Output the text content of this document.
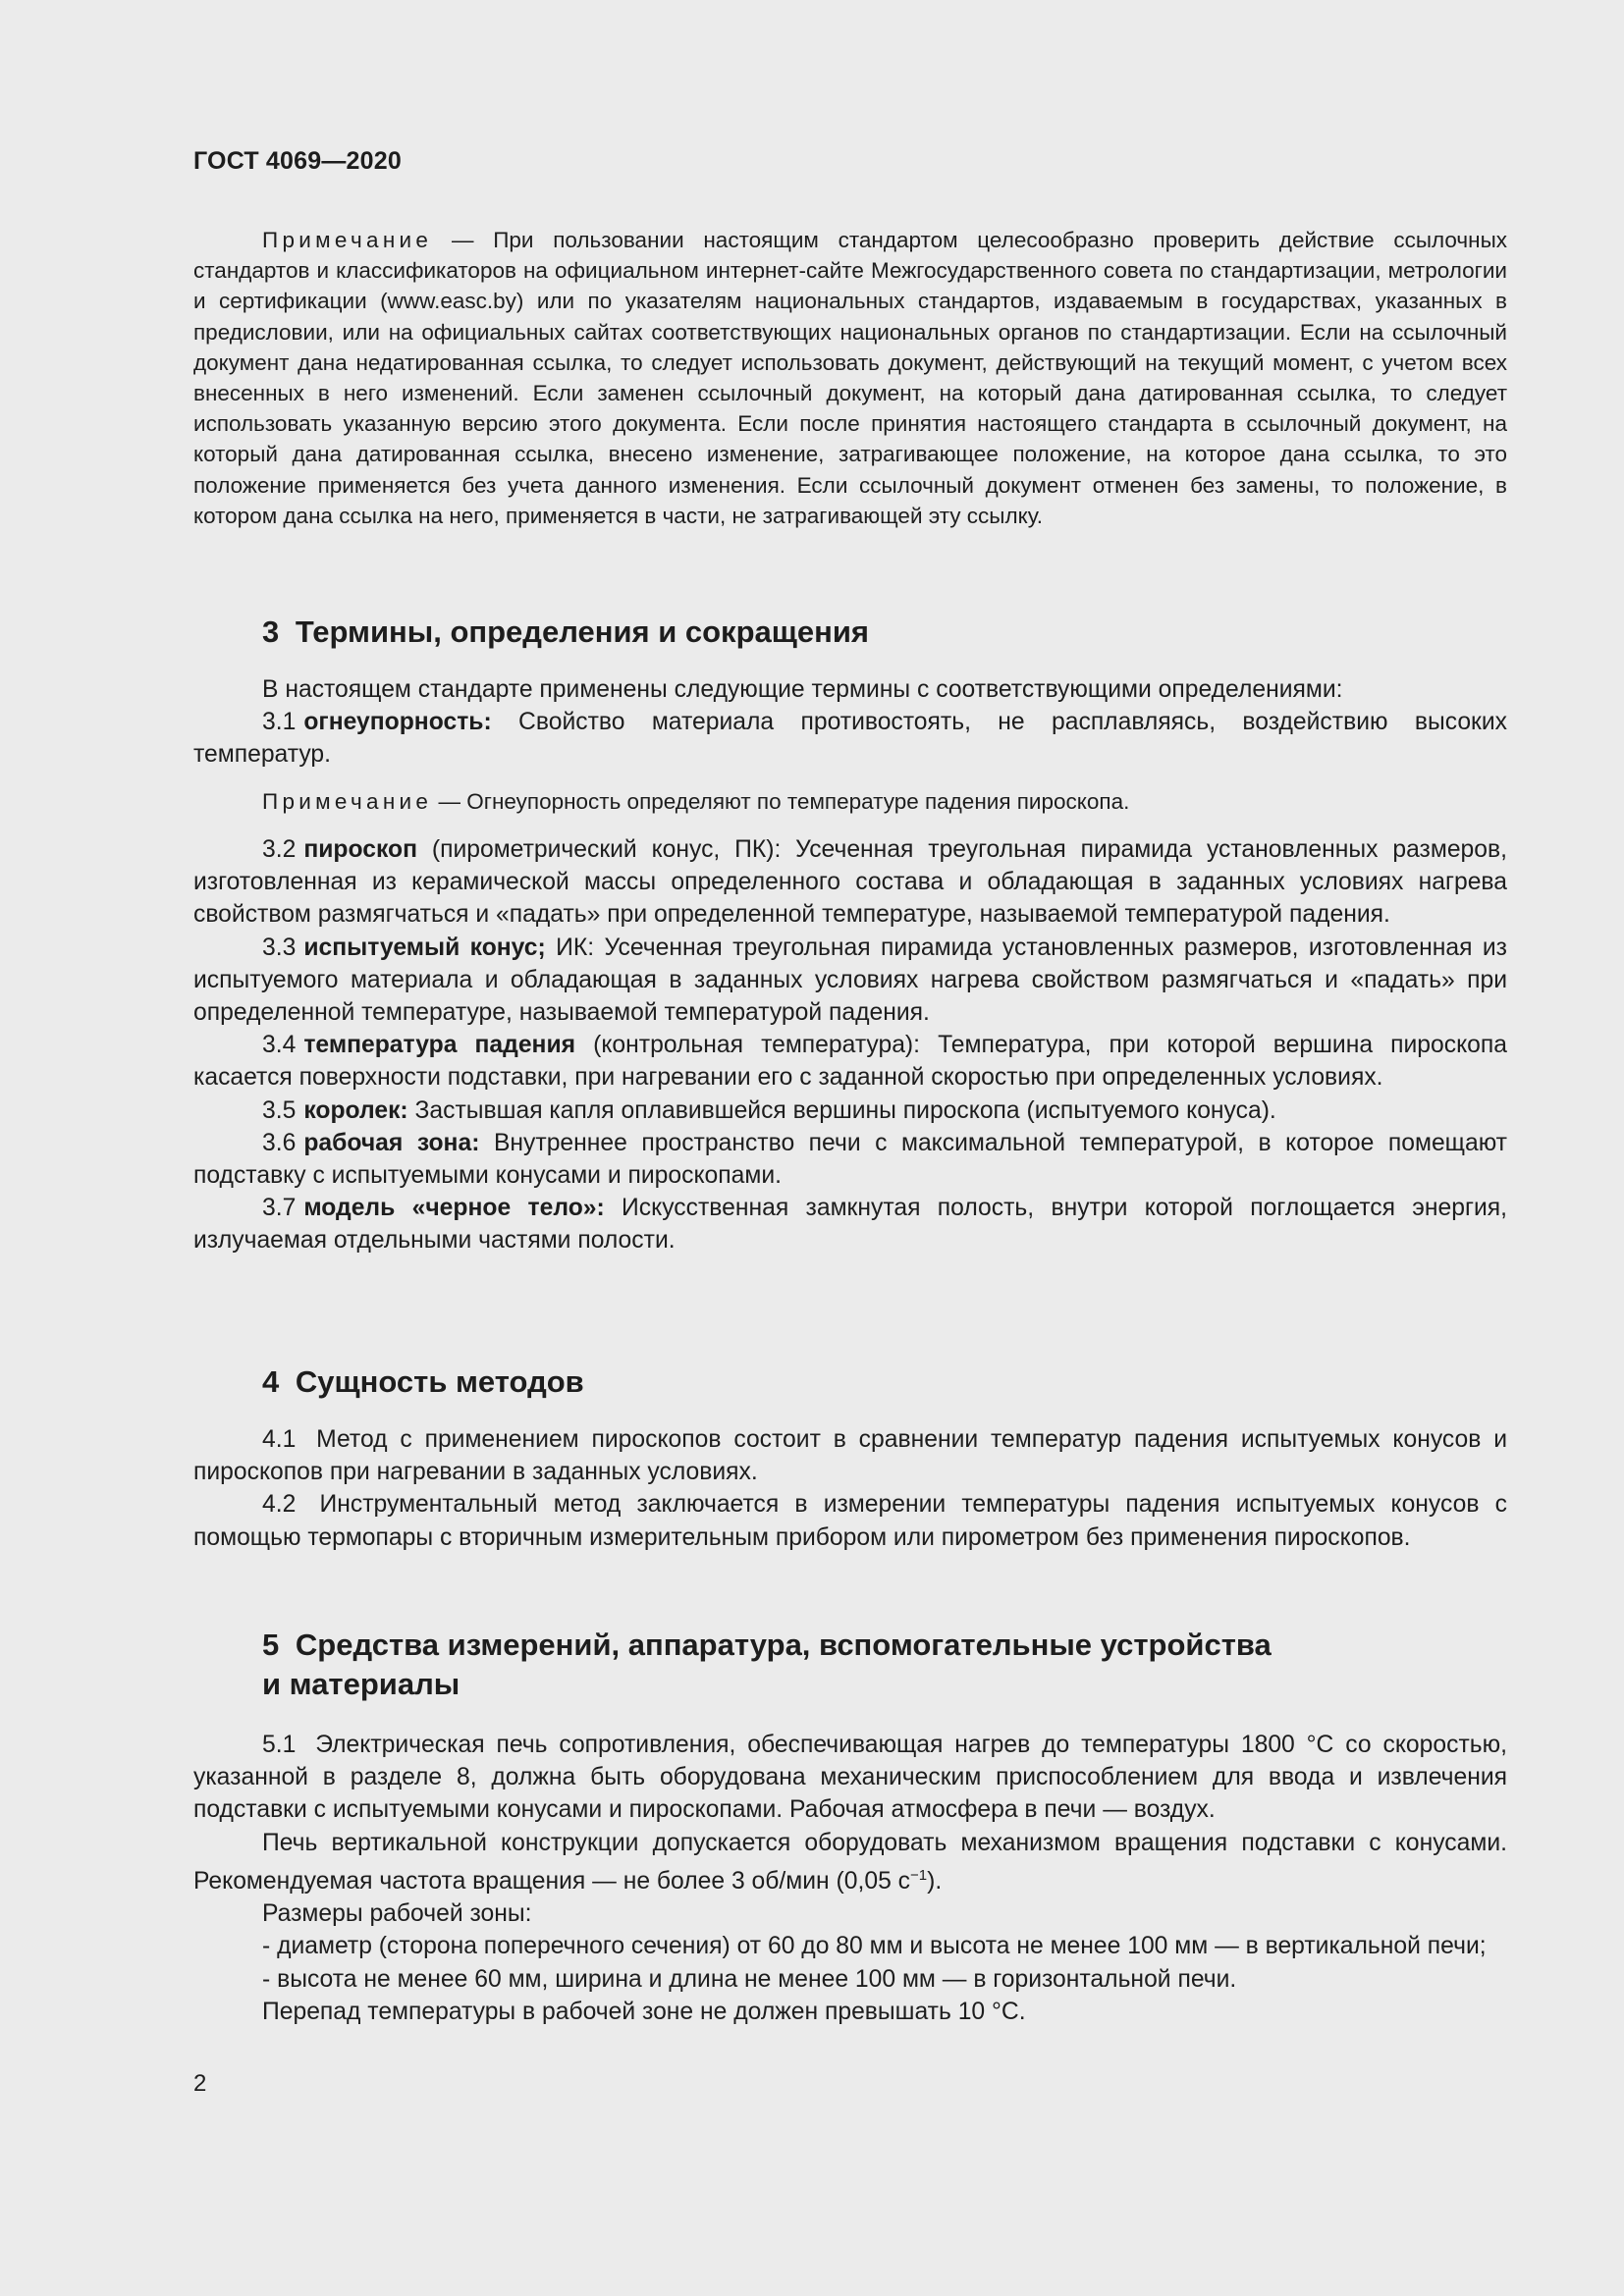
ГОСТ 4069—2020

Примечание — При пользовании настоящим стандартом целесообразно проверить действие ссылочных стандартов и классификаторов на официальном интернет-сайте Межгосударственного совета по стандартизации, метрологии и сертификации (www.easc.by) или по указателям национальных стандартов, издаваемым в государствах, указанных в предисловии, или на официальных сайтах соответствующих национальных органов по стандартизации. Если на ссылочный документ дана недатированная ссылка, то следует использовать документ, действующий на текущий момент, с учетом всех внесенных в него изменений. Если заменен ссылочный документ, на который дана датированная ссылка, то следует использовать указанную версию этого документа. Если после принятия настоящего стандарта в ссылочный документ, на который дана датированная ссылка, внесено изменение, затрагивающее положение, на которое дана ссылка, то это положение применяется без учета данного изменения. Если ссылочный документ отменен без замены, то положение, в котором дана ссылка на него, применяется в части, не затрагивающей эту ссылку.

3 Термины, определения и сокращения

В настоящем стандарте применены следующие термины с соответствующими определениями:

3.1 огнеупорность: Свойство материала противостоять, не расплавляясь, воздействию высоких температур.

Примечание — Огнеупорность определяют по температуре падения пироскопа.

3.2 пироскоп (пирометрический конус, ПК): Усеченная треугольная пирамида установленных размеров, изготовленная из керамической массы определенного состава и обладающая в заданных условиях нагрева свойством размягчаться и «падать» при определенной температуре, называемой температурой падения.

3.3 испытуемый конус; ИК: Усеченная треугольная пирамида установленных размеров, изготовленная из испытуемого материала и обладающая в заданных условиях нагрева свойством размягчаться и «падать» при определенной температуре, называемой температурой падения.

3.4 температура падения (контрольная температура): Температура, при которой вершина пироскопа касается поверхности подставки, при нагревании его с заданной скоростью при определенных условиях.

3.5 королек: Застывшая капля оплавившейся вершины пироскопа (испытуемого конуса).

3.6 рабочая зона: Внутреннее пространство печи с максимальной температурой, в которое помещают подставку с испытуемыми конусами и пироскопами.

3.7 модель «черное тело»: Искусственная замкнутая полость, внутри которой поглощается энергия, излучаемая отдельными частями полости.

4 Сущность методов

4.1 Метод с применением пироскопов состоит в сравнении температур падения испытуемых конусов и пироскопов при нагревании в заданных условиях.

4.2 Инструментальный метод заключается в измерении температуры падения испытуемых конусов с помощью термопары с вторичным измерительным прибором или пирометром без применения пироскопов.

5 Средства измерений, аппаратура, вспомогательные устройства
и материалы

5.1 Электрическая печь сопротивления, обеспечивающая нагрев до температуры 1800 °С со скоростью, указанной в разделе 8, должна быть оборудована механическим приспособлением для ввода и извлечения подставки с испытуемыми конусами и пироскопами. Рабочая атмосфера в печи — воздух.

Печь вертикальной конструкции допускается оборудовать механизмом вращения подставки с конусами. Рекомендуемая частота вращения — не более 3 об/мин (0,05 $с^{-1}$).

Размеры рабочей зоны:

- диаметр (сторона поперечного сечения) от 60 до 80 мм и высота не менее 100 мм — в вертикальной печи;

- высота не менее 60 мм, ширина и длина не менее 100 мм — в горизонтальной печи.

Перепад температуры в рабочей зоне не должен превышать 10 °С.

2
